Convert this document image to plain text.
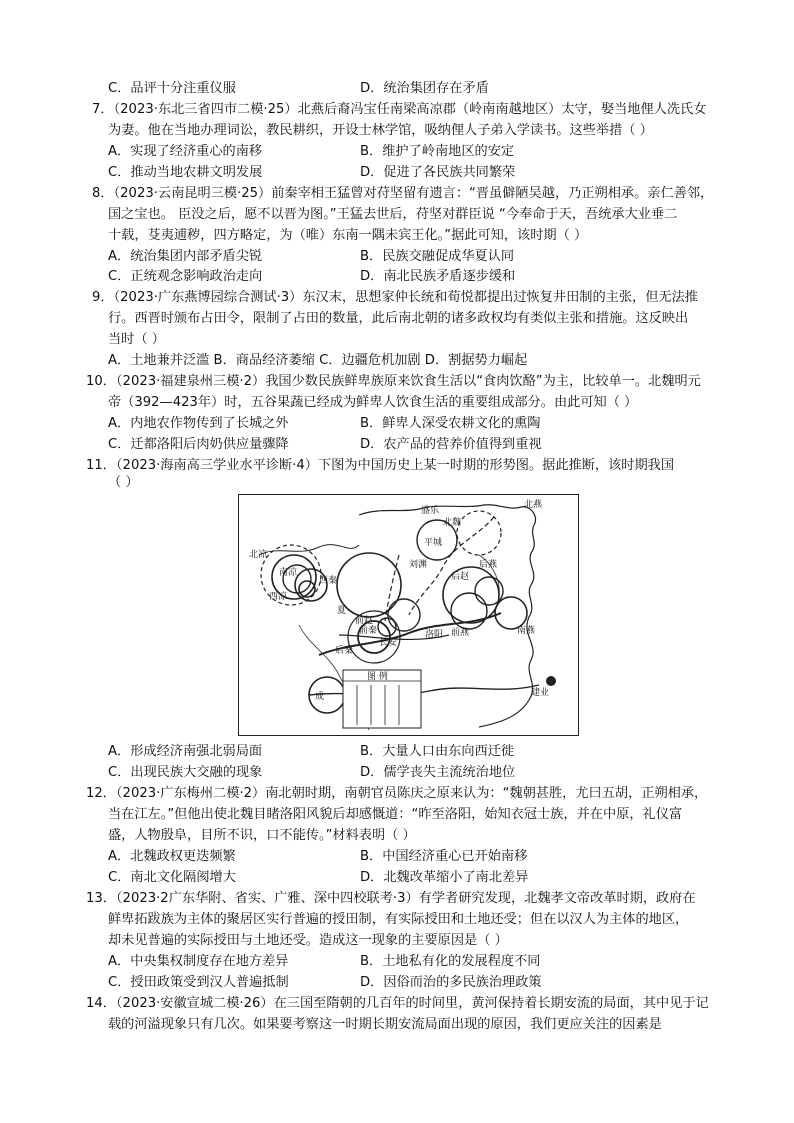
C．品评十分注重仪服	D．统治集团存在矛盾
7．（2023·东北三省四市二模·25）北燕后裔冯宝任南梁高凉郡（岭南南越地区）太守，娶当地俚人冼氏女
为妻。他在当地办理词讼，教民耕织，开设士林学馆，吸纳俚人子弟入学读书。这些举措（ ）
A．实现了经济重心的南移	B．维护了岭南地区的安定
C．推动当地农耕文明发展	D．促进了各民族共同繁荣
8．（2023·云南昆明三模·25）前秦宰相王猛曾对苻坚留有遗言：“晋虽僻陋吴越，乃正朔相承。亲仁善邻，
国之宝也。 臣没之后，愿不以晋为图。”王猛去世后，苻坚对群臣说 “今奉命于天，吾统承大业垂二
十载，芟夷逋秽，四方略定，为（唯）东南一隅未宾王化。”据此可知，该时期（ ）
A．统治集团内部矛盾尖锐	B．民族交融促成华夏认同
C．正统观念影响政治走向	D．南北民族矛盾逐步缓和
9．（2023·广东燕博园综合测试·3）东汉末，思想家仲长统和荀悦都提出过恢复井田制的主张，但无法推
行。西晋时颁布占田令，限制了占田的数量，此后南北朝的诸多政权均有类似主张和措施。这反映出
当时（ ）
A．土地兼并泛滥 B．商品经济萎缩 C．边疆危机加剧 D．割据势力崛起
10．（2023·福建泉州三模·2）我国少数民族鲜卑族原来饮食生活以“食肉饮酪”为主，比较单一。北魏明元
帝（392—423年）时，五谷果蔬已经成为鲜卑人饮食生活的重要组成部分。由此可知（ ）
A．内地农作物传到了长城之外	B．鲜卑人深受农耕文化的熏陶
C．迁都洛阳后肉奶供应量骤降	D．农产品的营养价值得到重视
11．（2023·海南高三学业水平诊断·4）下图为中国历史上某一时期的形势图。据此推断，该时期我国
（ ）
北凉
南凉
西凉
西秦
盛乐
北魏
平城
北燕
后燕
南燕
刘渊
后赵
前赵
夏
前秦
长安
后秦
洛阳 前燕
成	建业
图 例
A．形成经济南强北弱局面	B．大量人口由东向西迁徙
C．出现民族大交融的现象	D．儒学丧失主流统治地位
12．（2023·广东梅州二模·2）南北朝时期，南朝官员陈庆之原来认为：“魏朝甚胜，尤曰五胡，正朔相承，
当在江左。”但他出使北魏目睹洛阳风貌后却感慨道：“昨至洛阳，始知衣冠士族，并在中原，礼仪富
盛，人物殷阜，目所不识，口不能传。”材料表明（ ）
A．北魏政权更迭频繁	B．中国经济重心已开始南移
C．南北文化隔阂增大	D．北魏改革缩小了南北差异
13．（2023·2广东华附、省实、广雅、深中四校联考·3）有学者研究发现，北魏孝文帝改革时期，政府在
鲜卑拓跋族为主体的聚居区实行普遍的授田制，有实际授田和土地还受；但在以汉人为主体的地区，
却未见普遍的实际授田与土地还受。造成这一现象的主要原因是（ ）
A．中央集权制度存在地方差异	B．土地私有化的发展程度不同
C．授田政策受到汉人普遍抵制	D．因俗而治的多民族治理政策
14．（2023·安徽宣城二模·26）在三国至隋朝的几百年的时间里，黄河保持着长期安流的局面，其中见于记
载的河溢现象只有几次。如果要考察这一时期长期安流局面出现的原因，我们更应关注的因素是
